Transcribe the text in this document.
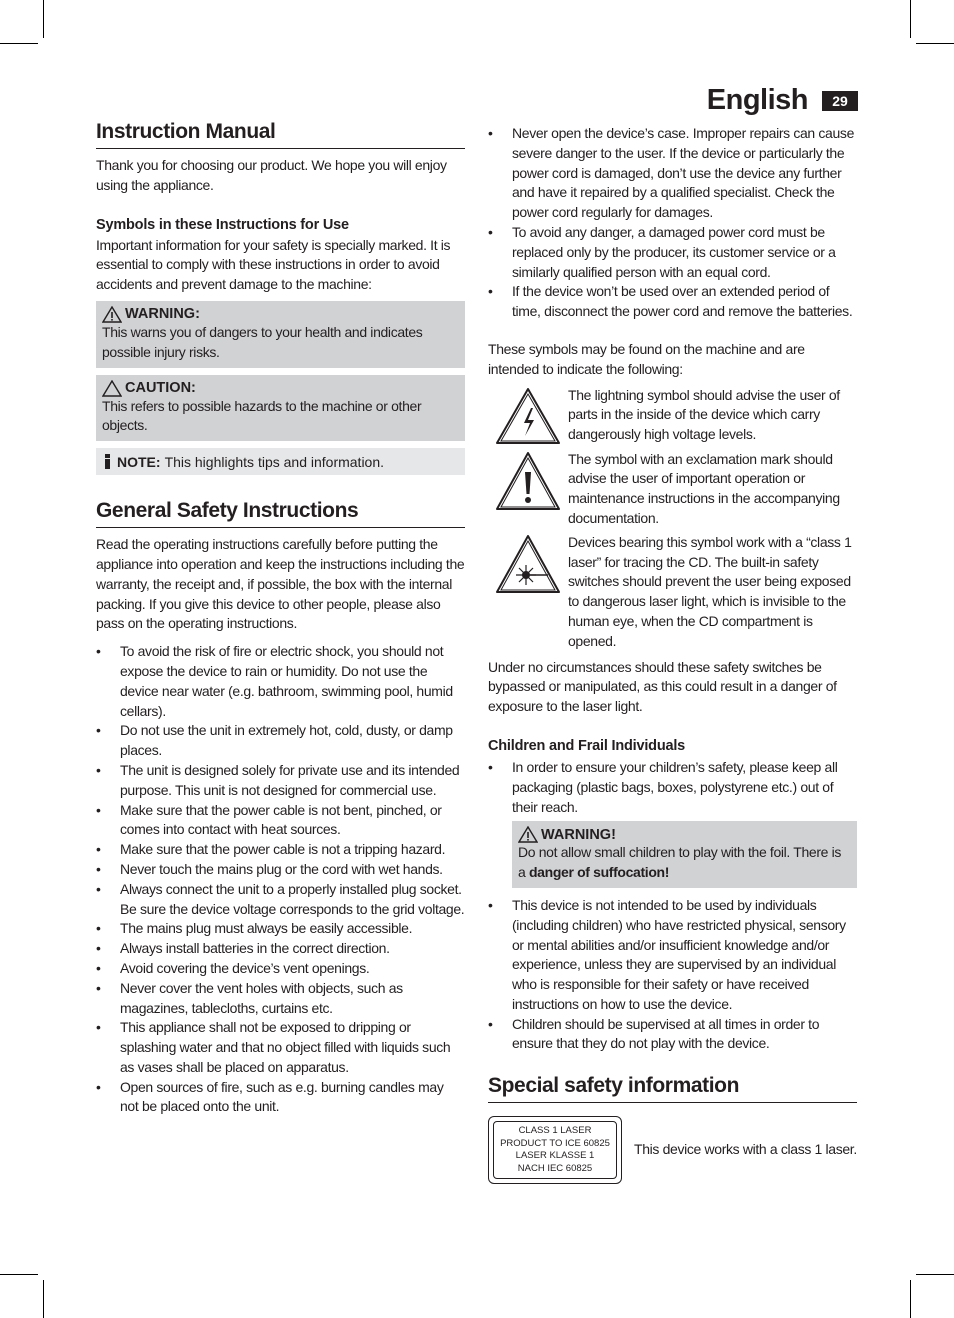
English	29
Instruction Manual

Thank you for choosing our product. We hope you will enjoy using the appliance.

Symbols in these Instructions for Use

Important information for your safety is specially marked. It is essential to comply with these instructions in order to avoid accidents and prevent damage to the machine:

WARNING:

This warns you of dangers to your health and indicates possible injury risks.

CAUTION:

This refers to possible hazards to the machine or other objects.

NOTE: This highlights tips and information.
General Safety Instructions

Read the operating instructions carefully before putting the appliance into operation and keep the instructions including the warranty, the receipt and, if possible, the box with the internal packing. If you give this device to other people, please also pass on the operating instructions.

• To avoid the risk of fire or electric shock, you should not expose the device to rain or humidity. Do not use the device near water (e.g. bathroom, swimming pool, humid cellars).
• Do not use the unit in extremely hot, cold, dusty, or damp places.
• The unit is designed solely for private use and its intended purpose. This unit is not designed for commercial use.
• Make sure that the power cable is not bent, pinched, or comes into contact with heat sources.
• Make sure that the power cable is not a tripping hazard.
• Never touch the mains plug or the cord with wet hands.
• Always connect the unit to a properly installed plug socket. Be sure the device voltage corresponds to the grid voltage.
• The mains plug must always be easily accessible.
• Always install batteries in the correct direction.
• Avoid covering the device’s vent openings.
• Never cover the vent holes with objects, such as magazines, tablecloths, curtains etc.
• This appliance shall not be exposed to dripping or splashing water and that no object filled with liquids such as vases shall be placed on apparatus.
• Open sources of fire, such as e.g. burning candles may not be placed onto the unit.
• Never open the device’s case. Improper repairs can cause severe danger to the user. If the device or particularly the power cord is damaged, don’t use the device any further and have it repaired by a qualified specialist. Check the power cord regularly for damages.
• To avoid any danger, a damaged power cord must be replaced only by the producer, its customer service or a similarly qualified person with an equal cord.
• If the device won’t be used over an extended period of time, disconnect the power cord and remove the batteries.

These symbols may be found on the machine and are intended to indicate the following:

The lightning symbol should advise the user of parts in the inside of the device which carry dangerously high voltage levels.

The symbol with an exclamation mark should advise the user of important operation or maintenance instructions in the accompanying documentation.

Devices bearing this symbol work with a “class 1 laser” for tracing the CD. The built-in safety switches should prevent the user being exposed to dangerous laser light, which is invisible to the human eye, when the CD compartment is opened.

Under no circumstances should these safety switches be bypassed or manipulated, as this could result in a danger of exposure to the laser light.

Children and Frail Individuals
• In order to ensure your children’s safety, please keep all packaging (plastic bags, boxes, polystyrene etc.) out of their reach.
WARNING!

Do not allow small children to play with the foil. There is a danger of suffocation!

• This device is not intended to be used by individuals (including children) who have restricted physical, sensory or mental abilities and/or insufficient knowledge and/or experience, unless they are supervised by an individual who is responsible for their safety or have received instructions on how to use the device.
• Children should be supervised at all times in order to ensure that they do not play with the device.
Special safety information
CLASS 1 LASER
PRODUCT TO ICE 60825
LASER KLASSE 1
NACH IEC 60825

This device works with a class 1 laser.
